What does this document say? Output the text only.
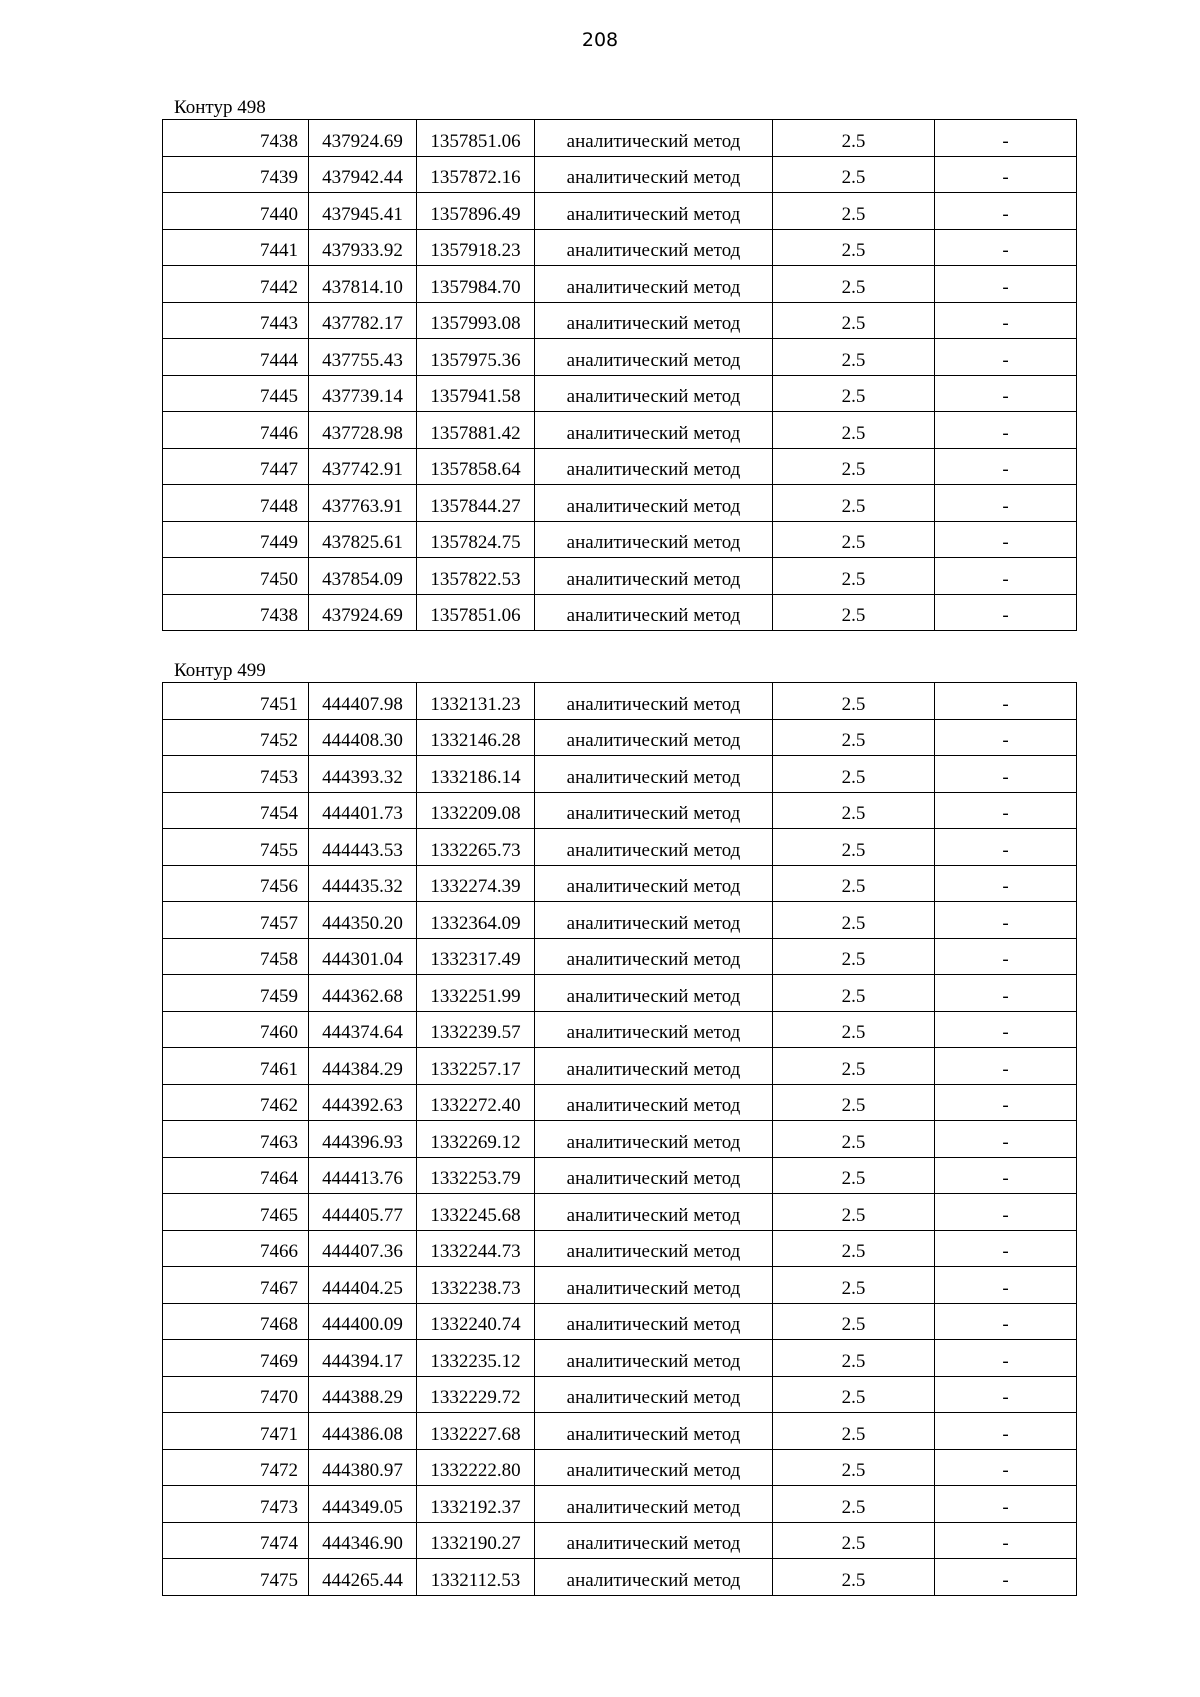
208
Контур 498
7438	437924.69	1357851.06	аналитический метод	2.5	-
7439	437942.44	1357872.16	аналитический метод	2.5	-
7440	437945.41	1357896.49	аналитический метод	2.5	-
7441	437933.92	1357918.23	аналитический метод	2.5	-
7442	437814.10	1357984.70	аналитический метод	2.5	-
7443	437782.17	1357993.08	аналитический метод	2.5	-
7444	437755.43	1357975.36	аналитический метод	2.5	-
7445	437739.14	1357941.58	аналитический метод	2.5	-
7446	437728.98	1357881.42	аналитический метод	2.5	-
7447	437742.91	1357858.64	аналитический метод	2.5	-
7448	437763.91	1357844.27	аналитический метод	2.5	-
7449	437825.61	1357824.75	аналитический метод	2.5	-
7450	437854.09	1357822.53	аналитический метод	2.5	-
7438	437924.69	1357851.06	аналитический метод	2.5	-
Контур 499
7451	444407.98	1332131.23	аналитический метод	2.5	-
7452	444408.30	1332146.28	аналитический метод	2.5	-
7453	444393.32	1332186.14	аналитический метод	2.5	-
7454	444401.73	1332209.08	аналитический метод	2.5	-
7455	444443.53	1332265.73	аналитический метод	2.5	-
7456	444435.32	1332274.39	аналитический метод	2.5	-
7457	444350.20	1332364.09	аналитический метод	2.5	-
7458	444301.04	1332317.49	аналитический метод	2.5	-
7459	444362.68	1332251.99	аналитический метод	2.5	-
7460	444374.64	1332239.57	аналитический метод	2.5	-
7461	444384.29	1332257.17	аналитический метод	2.5	-
7462	444392.63	1332272.40	аналитический метод	2.5	-
7463	444396.93	1332269.12	аналитический метод	2.5	-
7464	444413.76	1332253.79	аналитический метод	2.5	-
7465	444405.77	1332245.68	аналитический метод	2.5	-
7466	444407.36	1332244.73	аналитический метод	2.5	-
7467	444404.25	1332238.73	аналитический метод	2.5	-
7468	444400.09	1332240.74	аналитический метод	2.5	-
7469	444394.17	1332235.12	аналитический метод	2.5	-
7470	444388.29	1332229.72	аналитический метод	2.5	-
7471	444386.08	1332227.68	аналитический метод	2.5	-
7472	444380.97	1332222.80	аналитический метод	2.5	-
7473	444349.05	1332192.37	аналитический метод	2.5	-
7474	444346.90	1332190.27	аналитический метод	2.5	-
7475	444265.44	1332112.53	аналитический метод	2.5	-
